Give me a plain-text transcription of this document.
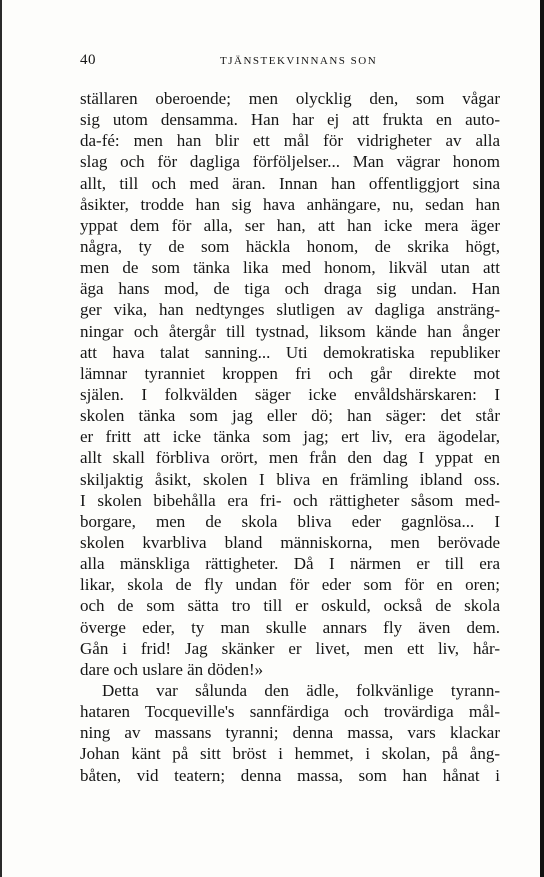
40	TJÄNSTEKVINNANS SON
ställaren oberoende; men olycklig den, som vågar
sig utom densamma. Han har ej att frukta en auto-
da-fé: men han blir ett mål för vidrigheter av alla
slag och för dagliga förföljelser... Man vägrar honom
allt, till och med äran. Innan han offentliggjort sina
åsikter, trodde han sig hava anhängare, nu, sedan han
yppat dem för alla, ser han, att han icke mera äger
några, ty de som häckla honom, de skrika högt,
men de som tänka lika med honom, likväl utan att
äga hans mod, de tiga och draga sig undan. Han
ger vika, han nedtynges slutligen av dagliga ansträng-
ningar och återgår till tystnad, liksom kände han ånger
att hava talat sanning... Uti demokratiska republiker
lämnar tyranniet kroppen fri och går direkte mot
själen. I folkvälden säger icke envåldshärskaren: I
skolen tänka som jag eller dö; han säger: det står
er fritt att icke tänka som jag; ert liv, era ägodelar,
allt skall förbliva orört, men från den dag I yppat en
skiljaktig åsikt, skolen I bliva en främling ibland oss.
I skolen bibehålla era fri- och rättigheter såsom med-
borgare, men de skola bliva eder gagnlösa... I
skolen kvarbliva bland människorna, men berövade
alla mänskliga rättigheter. Då I närmen er till era
likar, skola de fly undan för eder som för en oren;
och de som sätta tro till er oskuld, också de skola
överge eder, ty man skulle annars fly även dem.
Gån i frid! Jag skänker er livet, men ett liv, hår-
dare och uslare än döden!»
Detta var sålunda den ädle, folkvänlige tyrann-
hataren Tocqueville's sannfärdiga och trovärdiga mål-
ning av massans tyranni; denna massa, vars klackar
Johan känt på sitt bröst i hemmet, i skolan, på ång-
båten, vid teatern; denna massa, som han hånat i
